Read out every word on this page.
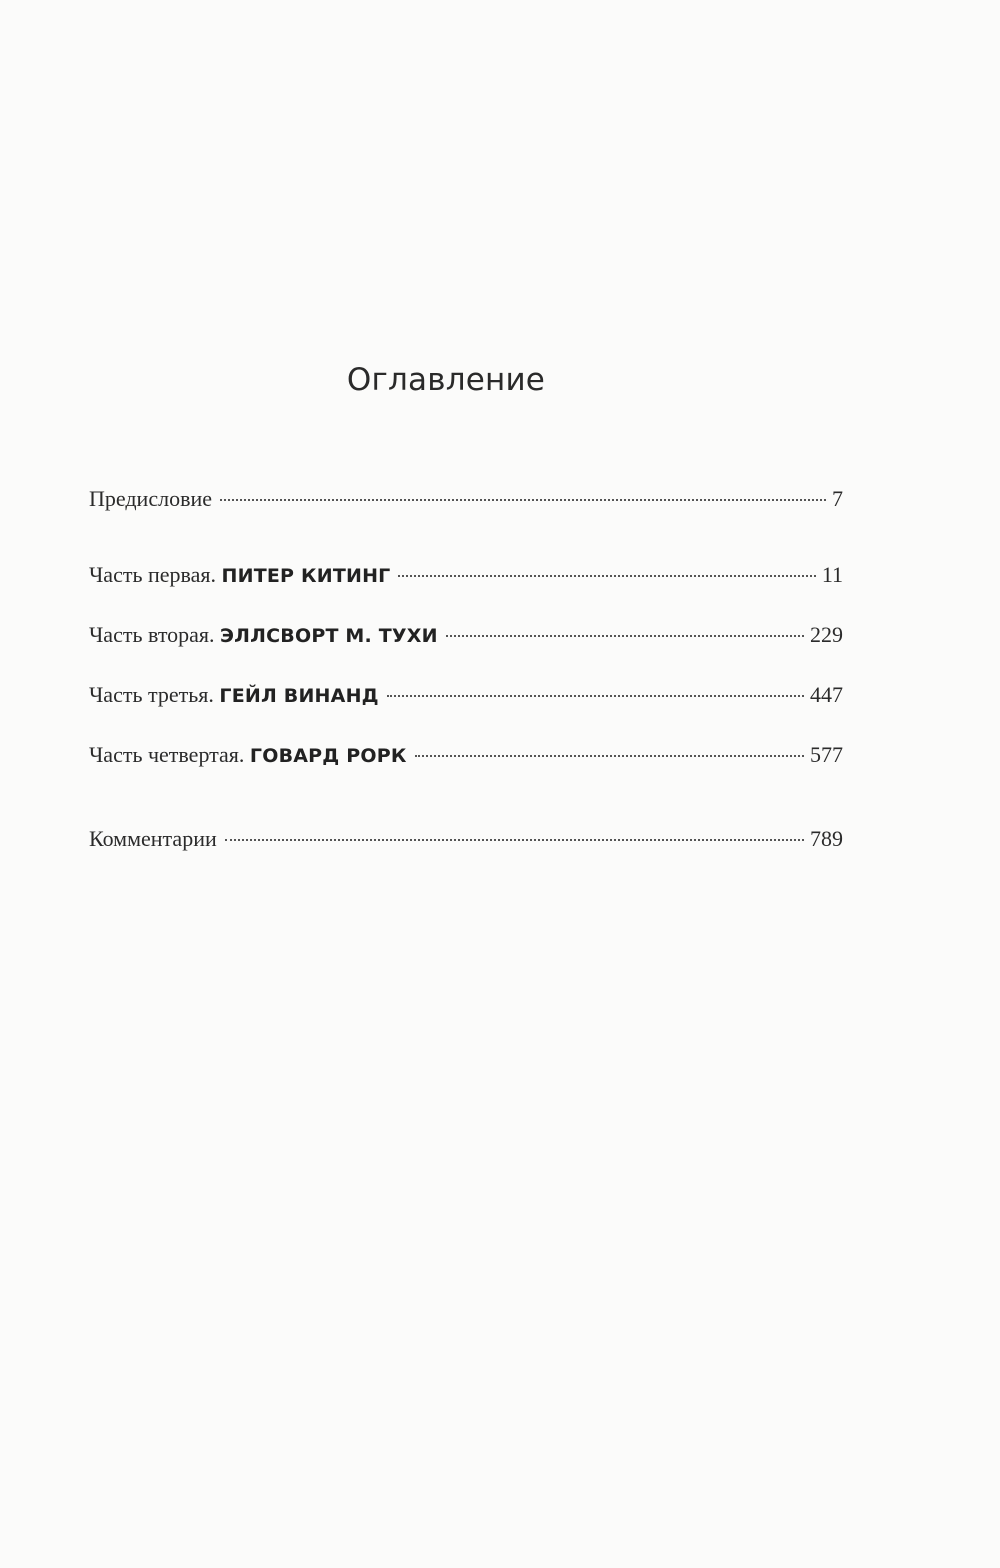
Оглавление
Предисловие	7
Часть первая. ПИТЕР КИТИНГ	11
Часть вторая. ЭЛЛСВОРТ М. ТУХИ	229
Часть третья. ГЕЙЛ ВИНАНД	447
Часть четвертая. ГОВАРД РОРК	577
Комментарии	789
